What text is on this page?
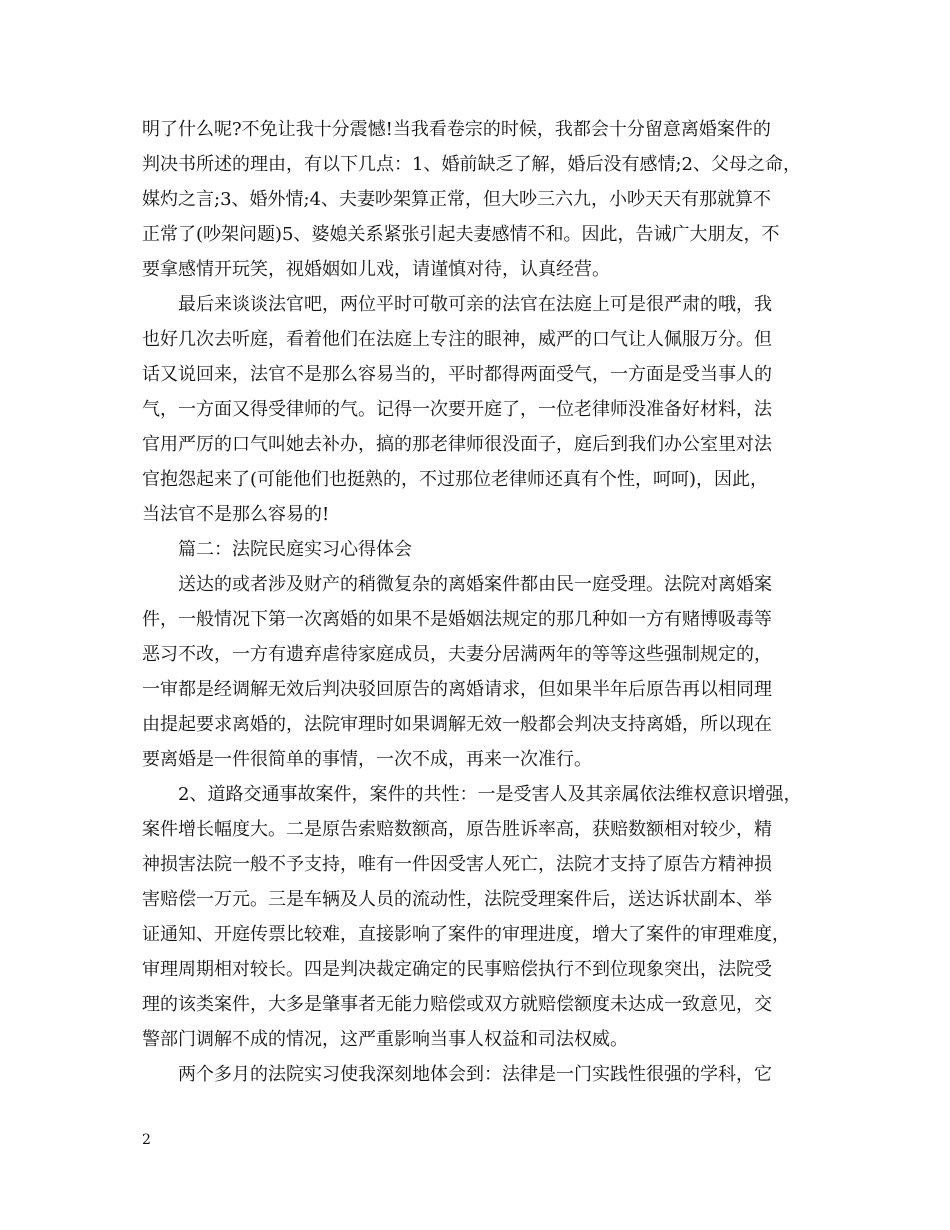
明了什么呢?不免让我十分震憾!当我看卷宗的时候，我都会十分留意离婚案件的
判决书所述的理由，有以下几点：1、婚前缺乏了解，婚后没有感情;2、父母之命，
媒灼之言;3、婚外情;4、夫妻吵架算正常，但大吵三六九，小吵天天有那就算不
正常了(吵架问题)5、婆媳关系紧张引起夫妻感情不和。因此，告诫广大朋友，不
要拿感情开玩笑，视婚姻如儿戏，请谨慎对待，认真经营。
最后来谈谈法官吧，两位平时可敬可亲的法官在法庭上可是很严肃的哦，我
也好几次去听庭，看着他们在法庭上专注的眼神，威严的口气让人佩服万分。但
话又说回来，法官不是那么容易当的，平时都得两面受气，一方面是受当事人的
气，一方面又得受律师的气。记得一次要开庭了，一位老律师没准备好材料，法
官用严厉的口气叫她去补办，搞的那老律师很没面子，庭后到我们办公室里对法
官抱怨起来了(可能他们也挺熟的，不过那位老律师还真有个性，呵呵)，因此，
当法官不是那么容易的!
篇二：法院民庭实习心得体会
送达的或者涉及财产的稍微复杂的离婚案件都由民一庭受理。法院对离婚案
件，一般情况下第一次离婚的如果不是婚姻法规定的那几种如一方有赌博吸毒等
恶习不改，一方有遗弃虐待家庭成员，夫妻分居满两年的等等这些强制规定的，
一审都是经调解无效后判决驳回原告的离婚请求，但如果半年后原告再以相同理
由提起要求离婚的，法院审理时如果调解无效一般都会判决支持离婚，所以现在
要离婚是一件很简单的事情，一次不成，再来一次准行。
2、道路交通事故案件，案件的共性：一是受害人及其亲属依法维权意识增强，
案件增长幅度大。二是原告索赔数额高，原告胜诉率高，获赔数额相对较少，精
神损害法院一般不予支持，唯有一件因受害人死亡，法院才支持了原告方精神损
害赔偿一万元。三是车辆及人员的流动性，法院受理案件后，送达诉状副本、举
证通知、开庭传票比较难，直接影响了案件的审理进度，增大了案件的审理难度，
审理周期相对较长。四是判决裁定确定的民事赔偿执行不到位现象突出，法院受
理的该类案件，大多是肇事者无能力赔偿或双方就赔偿额度未达成一致意见，交
警部门调解不成的情况，这严重影响当事人权益和司法权威。
两个多月的法院实习使我深刻地体会到：法律是一门实践性很强的学科，它
2
